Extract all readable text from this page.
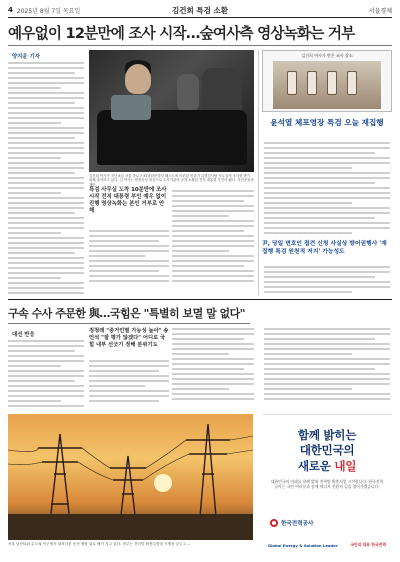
4 2025년 8월 7일 목요일	김건희 특검 소환	서울경제
예우없이 12분만에 조사 시작…숲여사측 영상녹화는 거부
양지윤 기자
김건희 여사가 지난 6일 서울 종로구 KT광화문빌딩 웨스트에 마련된 민중기 특별검사팀 사무실에 조사를 받기 위해 출석하고 있다. 김 여사는 헌정사상 처음으로 수사기관에 공개 소환된 전직 대통령 부인이 됐다. 사진공동취재단
특검 사무실 도착 10분만에 조사 시작 전직 대통령 부인 예우 없이 진행 영상녹화는 본인 거부로 안 해
김건희 여사가 받은 조사 장소
윤석열 체포영장 특검 오늘 재집행
尹, 당일 변호인 접견 신청 사실상 방어권행사 '재집행 특검 원천적 저지' 가능성도
구속 수사 주문한 與…국힘은 "특별히 보멸 말 없다"
대선 반응
정청래 "증거인멸 가능성 높아" 송언석 "잘 평가 않겠다" 어디로 국힘 내부 선긋기 정해 분위기도
서울 남산타워 수도권 인근에서 내려다본 송전 철탑 위로 해가 지고 있다. 정부는 전력망 확충특별법 시행을 앞두고 ...
함께 밝히는
대한민국의
새로운 내일
대한민국의 미래를 함께 밝혀 전력망 확충사업 시작합니다. 한국전력공사는 국민 여러분과 함께 에너지 전환의 길을 열어가겠습니다.
한국전력공사
Global Energy & Solution Leader	국민의 대표 한국전력
